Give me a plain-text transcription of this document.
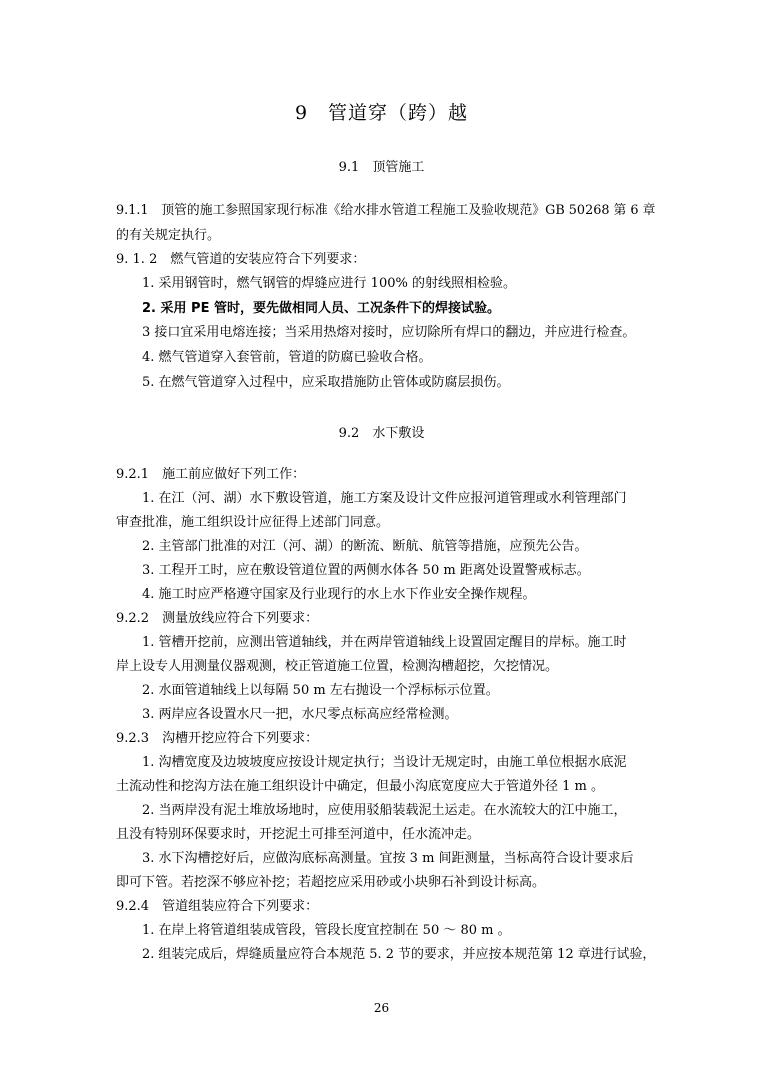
9　管道穿（跨）越
9.1　顶管施工
9.1.1　顶管的施工参照国家现行标准《给水排水管道工程施工及验收规范》GB 50268 第 6 章
的有关规定执行。
9. 1. 2　燃气管道的安装应符合下列要求：
1. 采用钢管时，燃气钢管的焊缝应进行 100% 的射线照相检验。
2. 采用 PE 管时，要先做相同人员、工况条件下的焊接试验。
3 接口宜采用电熔连接；当采用热熔对接时，应切除所有焊口的翻边，并应进行检查。
4. 燃气管道穿入套管前，管道的防腐已验收合格。
5. 在燃气管道穿入过程中，应采取措施防止管体或防腐层损伤。
9.2　水下敷设
9.2.1　施工前应做好下列工作：
1. 在江（河、湖）水下敷设管道，施工方案及设计文件应报河道管理或水利管理部门
审查批准，施工组织设计应征得上述部门同意。
2. 主管部门批准的对江（河、湖）的断流、断航、航管等措施，应预先公告。
3. 工程开工时，应在敷设管道位置的两侧水体各 50 m 距离处设置警戒标志。
4. 施工时应严格遵守国家及行业现行的水上水下作业安全操作规程。
9.2.2　测量放线应符合下列要求：
1. 管槽开挖前，应测出管道轴线，并在两岸管道轴线上设置固定醒目的岸标。施工时
岸上设专人用测量仪器观测，校正管道施工位置，检测沟槽超挖，欠挖情况。
2. 水面管道轴线上以每隔 50 m 左右抛设一个浮标标示位置。
3. 两岸应各设置水尺一把，水尺零点标高应经常检测。
9.2.3　沟槽开挖应符合下列要求：
1. 沟槽宽度及边坡坡度应按设计规定执行；当设计无规定时，由施工单位根据水底泥
土流动性和挖沟方法在施工组织设计中确定，但最小沟底宽度应大于管道外径 1 m 。
2. 当两岸没有泥土堆放场地时，应使用驳船装载泥土运走。在水流较大的江中施工，
且没有特别环保要求时，开挖泥土可排至河道中，任水流冲走。
3. 水下沟槽挖好后，应做沟底标高测量。宜按 3 m 间距测量，当标高符合设计要求后
即可下管。若挖深不够应补挖；若超挖应采用砂或小块卵石补到设计标高。
9.2.4　管道组装应符合下列要求：
1. 在岸上将管道组装成管段，管段长度宜控制在 50 ～ 80 m 。
2. 组装完成后，焊缝质量应符合本规范 5. 2 节的要求，并应按本规范第 12 章进行试验，
26
